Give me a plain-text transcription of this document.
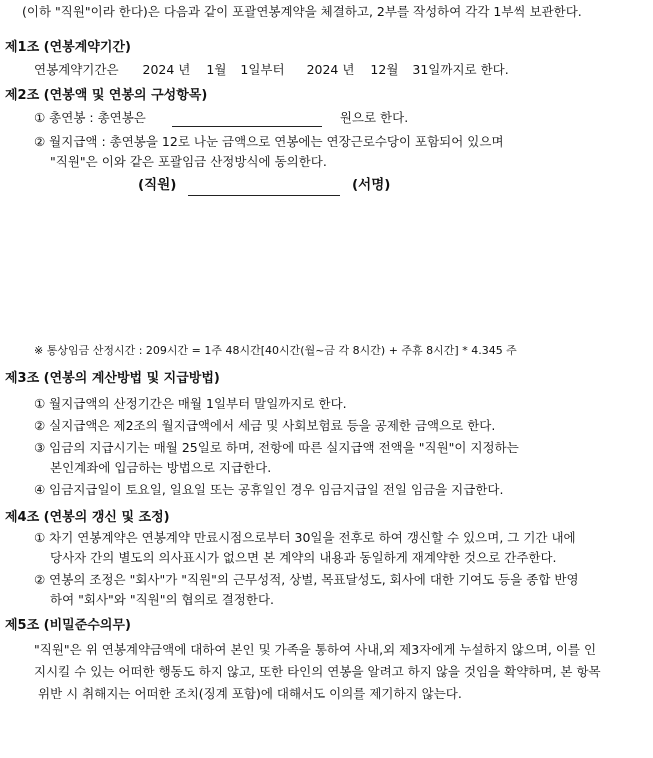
(이하 "직원"이라 한다)은 다음과 같이 포괄연봉계약을 체결하고, 2부를 작성하여 각각 1부씩 보관한다.
제1조 (연봉계약기간)
연봉계약기간은 2024 년 1월 1일부터 2024 년 12월 31일까지로 한다.
제2조 (연봉액 및 연봉의 구성항목)
① 총연봉 : 총연봉은	원으로 한다.
② 월지급액 : 총연봉을 12로 나눈 금액으로 연봉에는 연장근로수당이 포함되어 있으며
"직원"은 이와 같은 포괄임금 산정방식에 동의한다.
(직원)	(서명)
※ 통상임금 산정시간 : 209시간 = 1주 48시간[40시간(월~금 각 8시간) + 주휴 8시간] * 4.345 주
제3조 (연봉의 계산방법 및 지급방법)
① 월지급액의 산정기간은 매월 1일부터 말일까지로 한다.
② 실지급액은 제2조의 월지급액에서 세금 및 사회보험료 등을 공제한 금액으로 한다.
③ 임금의 지급시기는 매월 25일로 하며, 전항에 따른 실지급액 전액을 "직원"이 지정하는
본인계좌에 입금하는 방법으로 지급한다.
④ 임금지급일이 토요일, 일요일 또는 공휴일인 경우 임금지급일 전일 임금을 지급한다.
제4조 (연봉의 갱신 및 조정)
① 차기 연봉계약은 연봉계약 만료시점으로부터 30일을 전후로 하여 갱신할 수 있으며, 그 기간 내에
당사자 간의 별도의 의사표시가 없으면 본 계약의 내용과 동일하게 재계약한 것으로 간주한다.
② 연봉의 조정은 "회사"가 "직원"의 근무성적, 상벌, 목표달성도, 회사에 대한 기여도 등을 종합 반영
하여 "회사"와 "직원"의 협의로 결정한다.
제5조 (비밀준수의무)
"직원"은 위 연봉계약금액에 대하여 본인 및 가족을 통하여 사내,외 제3자에게 누설하지 않으며, 이를 인
지시킬 수 있는 어떠한 행동도 하지 않고, 또한 타인의 연봉을 알려고 하지 않을 것임을 확약하며, 본 항목
위반 시 취해지는 어떠한 조치(징계 포함)에 대해서도 이의를 제기하지 않는다.
